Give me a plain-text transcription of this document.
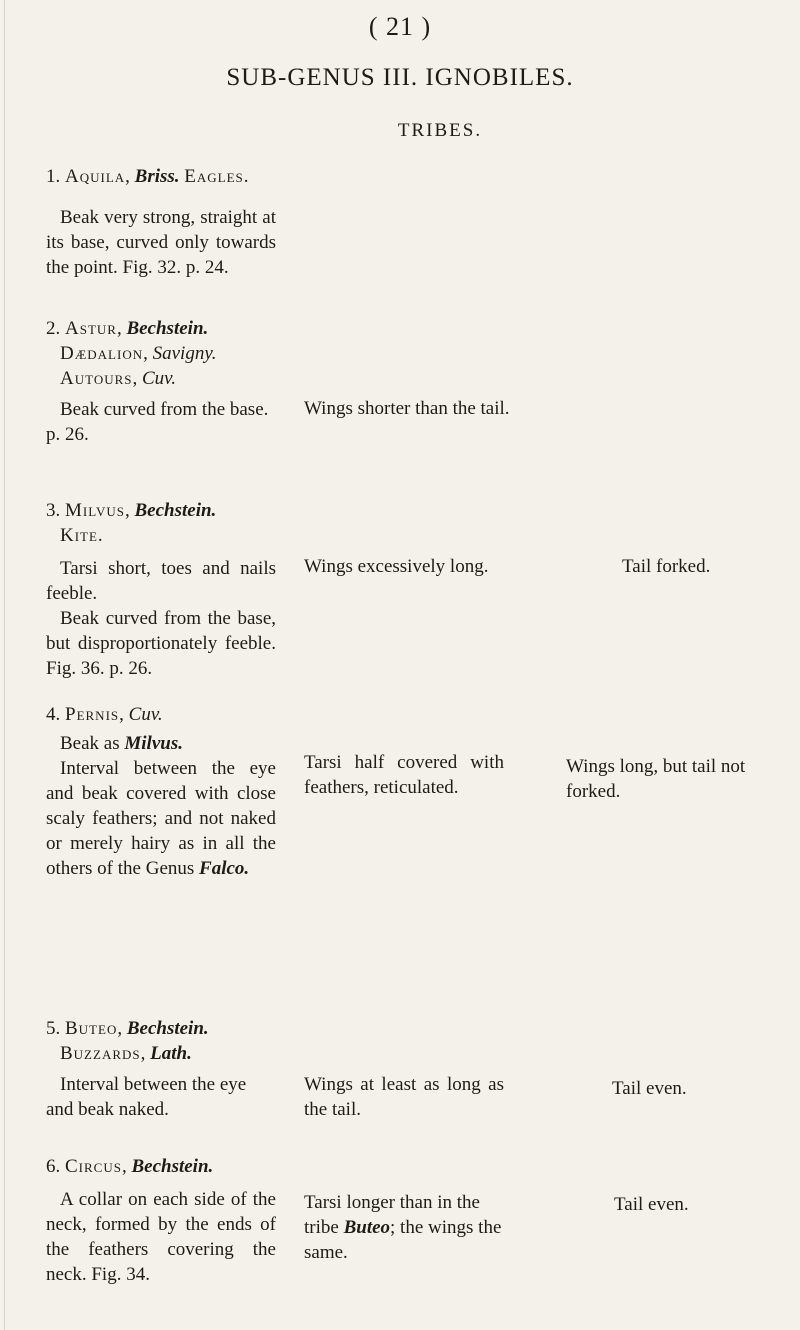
( 21 )
SUB-GENUS III. IGNOBILES.
TRIBES.
1. Aquila, Briss. Eagles.

Beak very strong, straight at its base, curved only towards the point. Fig. 32. p. 24.

2. Astur, Bechstein.
Dædalion, Savigny.
Autours, Cuv.

Beak curved from the base. p. 26.

Wings shorter than the tail.
3. Milvus, Bechstein.
Kite.

Tarsi short, toes and nails feeble.

Beak curved from the base, but disproportionately feeble. Fig. 36. p. 26.

Wings excessively long.	Tail forked.
4. Pernis, Cuv.

Beak as Milvus.

Interval between the eye and beak covered with close scaly feathers; and not naked or merely hairy as in all the others of the Genus Falco.

Tarsi half covered with feathers, reticulated.
Wings long, but tail not forked.
5. Buteo, Bechstein.
Buzzards, Lath.

Interval between the eye and beak naked.

Wings at least as long as the tail.
Tail even.
6. Circus, Bechstein.

A collar on each side of the neck, formed by the ends of the feathers covering the neck. Fig. 34.

Tarsi longer than in the tribe Buteo; the wings the same.
Tail even.
